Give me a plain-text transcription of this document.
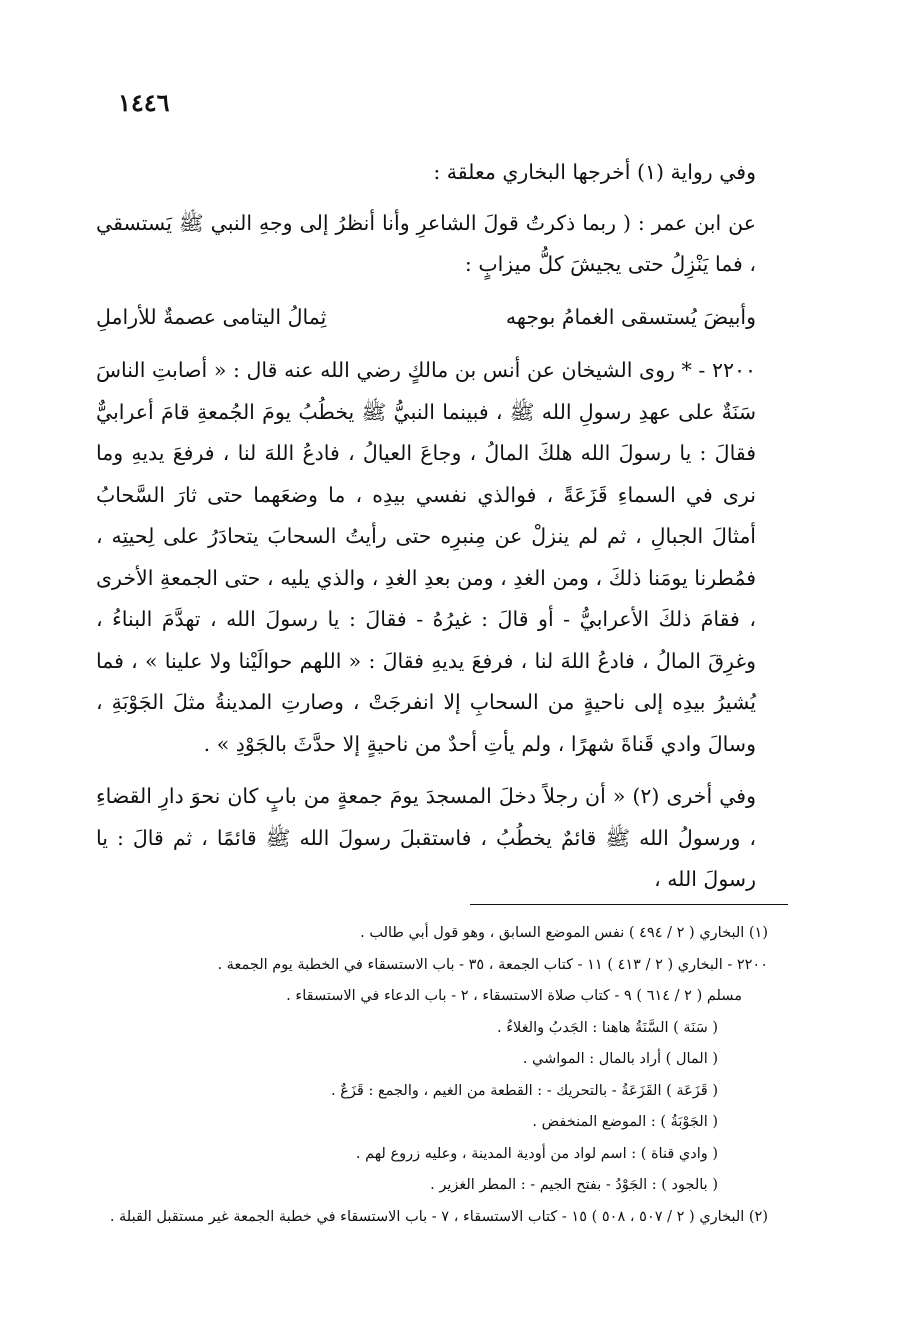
١٤٤٦

وفي رواية (١) أخرجها البخاري معلقة :

عن ابن عمر : ( ربما ذكرتُ قولَ الشاعرِ وأنا أنظرُ إلى وجهِ النبي ﷺ يَستسقي ، فما يَنْزِلُ حتى يجيشَ كلُّ ميزابٍ :

وأبيضَ يُستسقى الغمامُ بوجهه
ثِمالُ اليتامى عصمةٌ للأراملِ

٢٢٠٠ - * روى الشيخان عن أنس بن مالكٍ رضي الله عنه قال : « أصابتِ الناسَ سَنَةٌ على عهدِ رسولِ الله ﷺ ، فبينما النبيُّ ﷺ يخطُبُ يومَ الجُمعةِ قامَ أعرابيٌّ فقالَ : يا رسولَ الله هلكَ المالُ ، وجاعَ العيالُ ، فادعُ اللهَ لنا ، فرفعَ يديهِ وما نرى في السماءِ قَزَعَةً ، فوالذي نفسي بيدِه ، ما وضعَهما حتى ثارَ السَّحابُ أمثالَ الجبالِ ، ثم لم ينزلْ عن مِنبرِه حتى رأيتُ السحابَ يتحادَرُ على لِحيتِه ، فمُطرنا يومَنا ذلكَ ، ومن الغدِ ، ومن بعدِ الغدِ ، والذي يليه ، حتى الجمعةِ الأخرى ، فقامَ ذلكَ الأعرابيُّ - أو قالَ : غيرُهُ - فقالَ : يا رسولَ الله ، تهدَّمَ البناءُ ، وغرِقَ المالُ ، فادعُ اللهَ لنا ، فرفعَ يديهِ فقالَ : « اللهم حوالَيْنا ولا علينا » ، فما يُشيرُ بيدِه إلى ناحيةٍ من السحابِ إلا انفرجَتْ ، وصارتِ المدينةُ مثلَ الجَوْبَةِ ، وسالَ وادي قَناةَ شهرًا ، ولم يأتِ أحدٌ من ناحيةٍ إلا حدَّثَ بالجَوْدِ » .

وفي أخرى (٢) « أن رجلاً دخلَ المسجدَ يومَ جمعةٍ من بابٍ كان نحوَ دارِ القضاءِ ، ورسولُ الله ﷺ قائمٌ يخطُبُ ، فاستقبلَ رسولَ الله ﷺ قائمًا ، ثم قالَ : يا رسولَ الله ،

(١) البخاري ( ٢ / ٤٩٤ ) نفس الموضع السابق ، وهو قول أبي طالب .
٢٢٠٠ - البخاري ( ٢ / ٤١٣ ) ١١ - كتاب الجمعة ، ٣٥ - باب الاستسقاء في الخطبة يوم الجمعة .
مسلم ( ٢ / ٦١٤ ) ٩ - كتاب صلاة الاستسقاء ، ٢ - باب الدعاء في الاستسقاء .
( سَنَة ) السَّنَةُ هاهنا : الجَدبُ والغلاءُ .
( المال ) أراد بالمال : المواشي .
( قَزَعَة ) القَزَعَةُ - بالتحريك - : القطعة من الغيم ، والجمع : قَزَعٌ .
( الجَوْبَةُ ) : الموضع المنخفض .
( وادي قناة ) : اسم لواد من أودية المدينة ، وعليه زروع لهم .
( بالجود ) : الجَوْدُ - بفتح الجيم - : المطر الغزير .
(٢) البخاري ( ٢ / ٥٠٧ ، ٥٠٨ ) ١٥ - كتاب الاستسقاء ، ٧ - باب الاستسقاء في خطبة الجمعة غير مستقبل القبلة .
